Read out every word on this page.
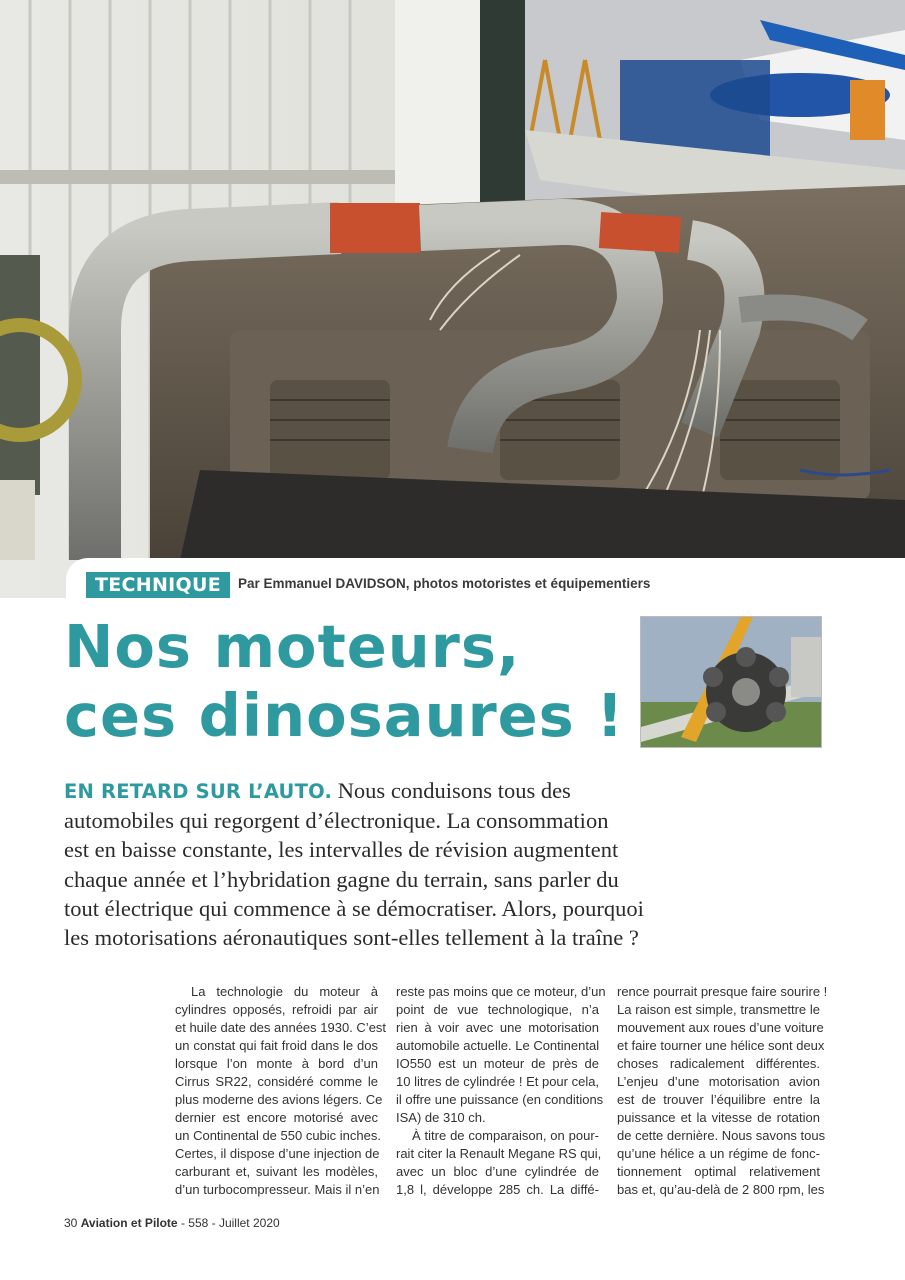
TECHNIQUE	Par Emmanuel DAVIDSON, photos motoristes et équipementiers
Nos moteurs,
ces dinosaures !

EN RETARD SUR L’AUTO. Nous conduisons tous des
automobiles qui regorgent d’électronique. La consommation
est en baisse constante, les intervalles de révision augmentent
chaque année et l’hybridation gagne du terrain, sans parler du
tout électrique qui commence à se démocratiser. Alors, pourquoi
les motorisations aéronautiques sont-elles tellement à la traîne ?

La technologie du moteur à
cylindres opposés, refroidi par air
et huile date des années 1930. C’est
un constat qui fait froid dans le dos
lorsque l’on monte à bord d’un
Cirrus SR22, considéré comme le
plus moderne des avions légers. Ce
dernier est encore motorisé avec
un Continental de 550 cubic inches.
Certes, il dispose d’une injection de
carburant et, suivant les modèles,
d’un turbocompresseur. Mais il n’en
reste pas moins que ce moteur, d’un
point de vue technologique, n’a
rien à voir avec une motorisation
automobile actuelle. Le Continental
IO550 est un moteur de près de
10 litres de cylindrée ! Et pour cela,
il offre une puissance (en conditions
ISA) de 310 ch.
À titre de comparaison, on pour-
rait citer la Renault Megane RS qui,
avec un bloc d’une cylindrée de
1,8 l, développe 285 ch. La diffé-
rence pourrait presque faire sourire !
La raison est simple, transmettre le
mouvement aux roues d’une voiture
et faire tourner une hélice sont deux
choses radicalement différentes.
L’enjeu d’une motorisation avion
est de trouver l’équilibre entre la
puissance et la vitesse de rotation
de cette dernière. Nous savons tous
qu’une hélice a un régime de fonc-
tionnement optimal relativement
bas et, qu’au-delà de 2 800 rpm, les
30 Aviation et Pilote - 558 - Juillet 2020
